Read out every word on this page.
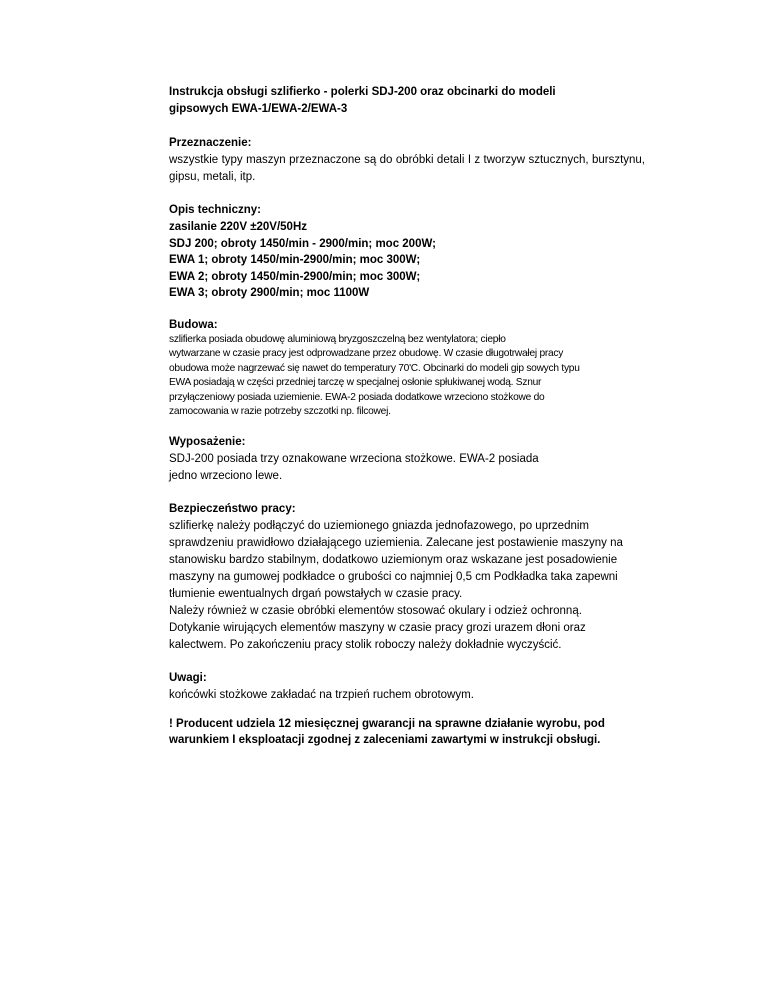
Instrukcja obsługi szlifierko - polerki SDJ-200 oraz obcinarki do modeli gipsowych EWA-1/EWA-2/EWA-3

Przeznaczenie:

wszystkie typy maszyn przeznaczone są do obróbki detali I z tworzyw sztucznych, bursztynu, gipsu, metali, itp.

Opis techniczny:

zasilanie 220V ±20V/50Hz

SDJ 200; obroty 1450/min - 2900/min; moc 200W;

EWA 1; obroty 1450/min-2900/min; moc 300W;

EWA 2; obroty 1450/min-2900/min; moc 300W;

EWA 3; obroty 2900/min; moc 1100W

Budowa:

szlifierka posiada obudowę aluminiową bryzgoszczelną bez wentylatora; ciepło
wytwarzane w czasie pracy jest odprowadzane przez obudowę. W czasie długotrwałej pracy
obudowa może nagrzewać się nawet do temperatury 70'C. Obcinarki do modeli gip sowych typu
EWA posiadają w części przedniej tarczę w specjalnej osłonie spłukiwanej wodą. Sznur
przyłączeniowy posiada uziemienie. EWA-2 posiada dodatkowe wrzeciono stożkowe do
zamocowania w razie potrzeby szczotki np. filcowej.

Wyposażenie:

SDJ-200 posiada trzy oznakowane wrzeciona stożkowe. EWA-2 posiada
jedno wrzeciono lewe.

Bezpieczeństwo pracy:

szlifierkę należy podłączyć do uziemionego gniazda jednofazowego, po uprzednim
sprawdzeniu prawidłowo działającego uziemienia. Zalecane jest postawienie maszyny na
stanowisku bardzo stabilnym, dodatkowo uziemionym oraz wskazane jest posadowienie
maszyny na gumowej podkładce o grubości co najmniej 0,5 cm Podkładka taka zapewni
tłumienie ewentualnych drgań powstałych w czasie pracy.
Należy również w czasie obróbki elementów stosować okulary i odzież ochronną.
Dotykanie wirujących elementów maszyny w czasie pracy grozi urazem dłoni oraz
kalectwem. Po zakończeniu pracy stolik roboczy należy dokładnie wyczyścić.

Uwagi:

końcówki stożkowe zakładać na trzpień ruchem obrotowym.

! Producent udziela 12 miesięcznej gwarancji na sprawne działanie wyrobu, pod warunkiem I eksploatacji zgodnej z zaleceniami zawartymi w instrukcji obsługi.
